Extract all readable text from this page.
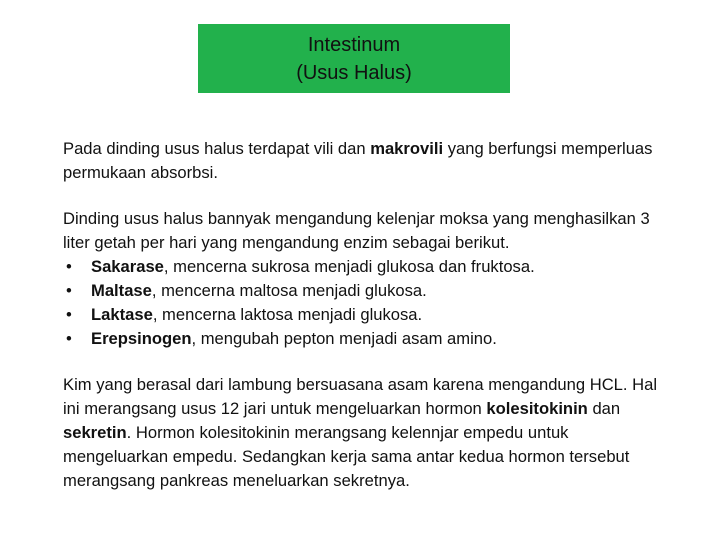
Intestinum
(Usus Halus)

Pada dinding usus halus terdapat vili dan makrovili yang berfungsi memperluas permukaan absorbsi.

Dinding usus halus bannyak mengandung kelenjar moksa yang menghasilkan 3 liter getah per hari yang mengandung enzim sebagai berikut.
• Sakarase, mencerna sukrosa menjadi glukosa dan fruktosa.
• Maltase, mencerna maltosa menjadi glukosa.
• Laktase, mencerna laktosa menjadi glukosa.
• Erepsinogen, mengubah pepton menjadi asam amino.

Kim yang berasal dari lambung bersuasana asam karena mengandung HCL. Hal ini merangsang usus 12 jari untuk mengeluarkan hormon kolesitokinin dan sekretin. Hormon kolesitokinin merangsang kelennjar empedu untuk mengeluarkan empedu. Sedangkan kerja sama antar kedua hormon tersebut merangsang pankreas meneluarkan sekretnya.
